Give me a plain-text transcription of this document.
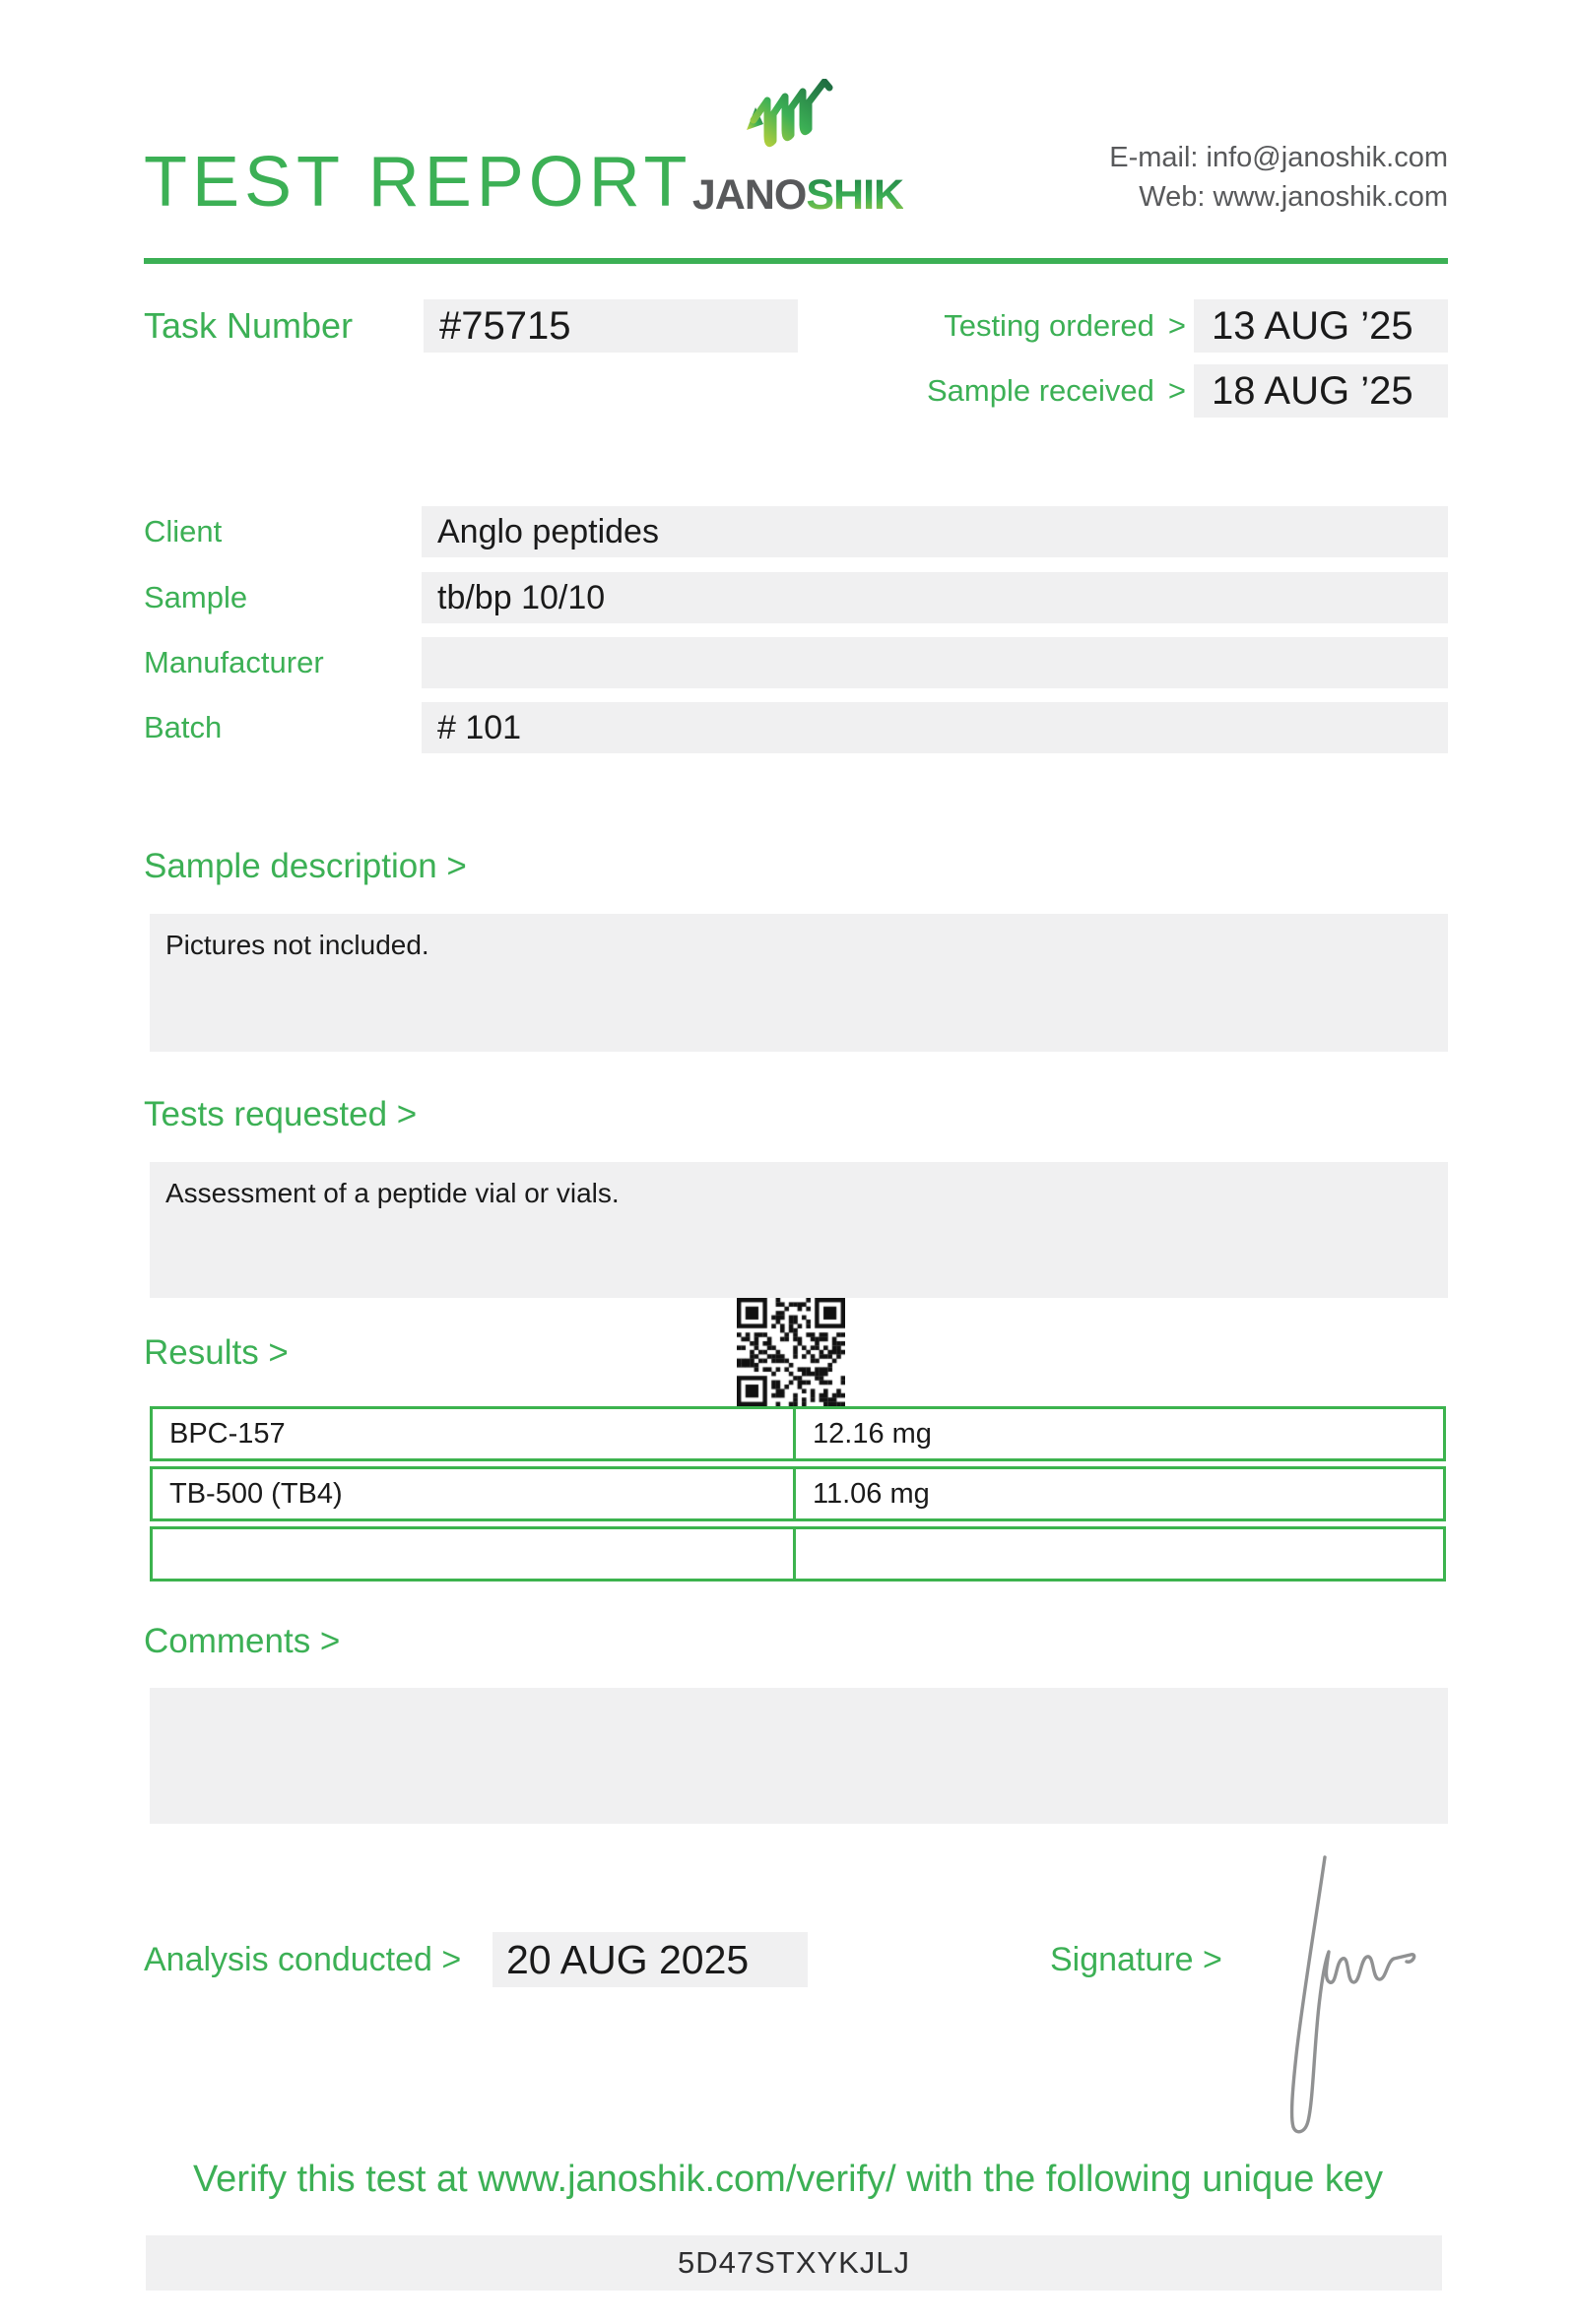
TEST REPORT JANOSHIK
E-mail: info@janoshik.com
Web: www.janoshik.com
Task Number	#75715	Testing ordered > 13 AUG ’25
Sample received > 18 AUG ’25
Client	Anglo peptides
Sample	tb/bp 10/10
Manufacturer
Batch	# 101
Sample description >
Pictures not included.
Tests requested >
Assessment of a peptide vial or vials.
Results >
BPC-157	12.16 mg
TB-500 (TB4)	11.06 mg
Comments >
Analysis conducted >	20 AUG 2025	Signature >
Verify this test at www.janoshik.com/verify/ with the following unique key
5D47STXYKJLJ
